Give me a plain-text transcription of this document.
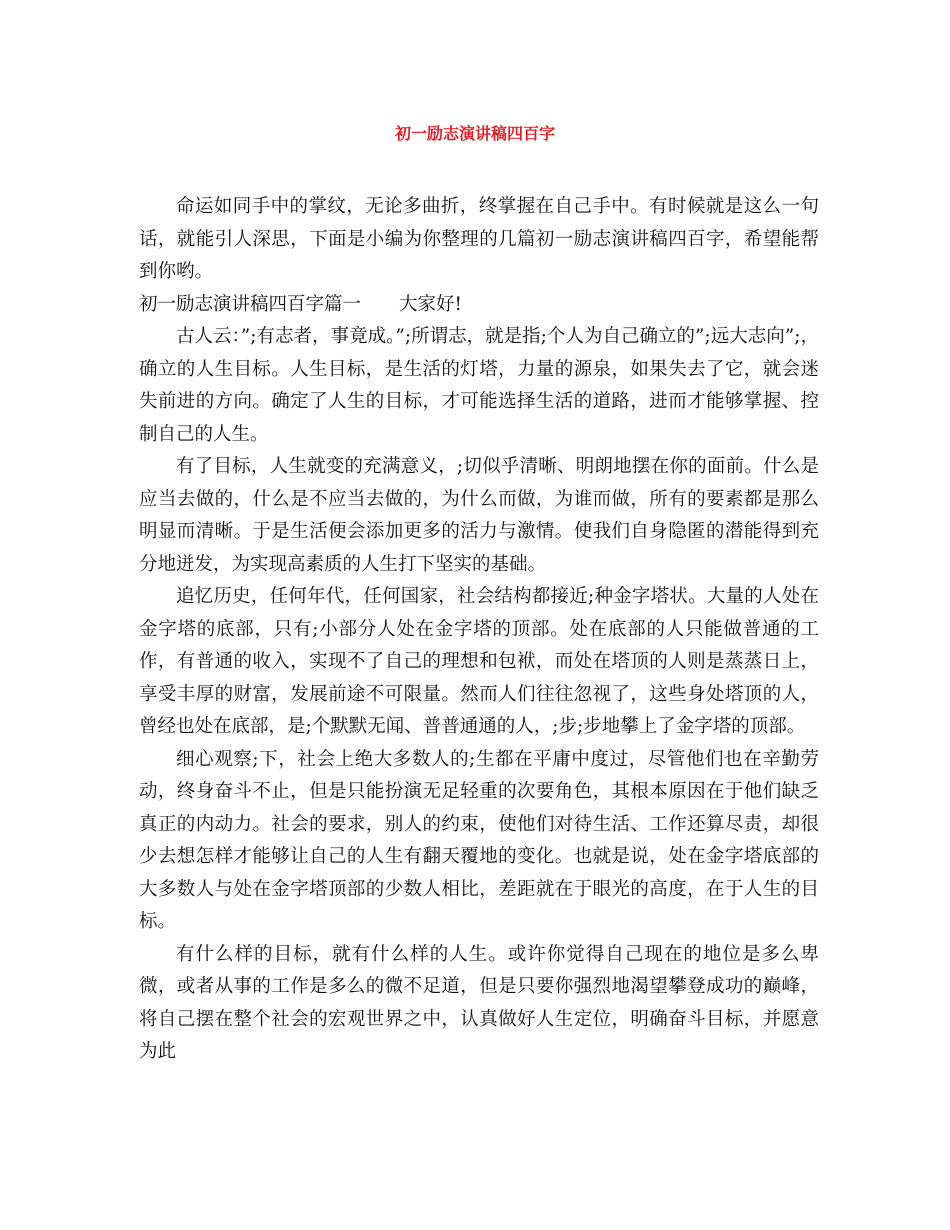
初一励志演讲稿四百字

命运如同手中的掌纹，无论多曲折，终掌握在自己手中。有时候就是这么一句话，就能引人深思，下面是小编为你整理的几篇初一励志演讲稿四百字，希望能帮到你哟。

初一励志演讲稿四百字篇一 大家好!

古人云：”;有志者，事竟成。”;所谓志，就是指;个人为自己确立的”;远大志向”;，确立的人生目标。人生目标，是生活的灯塔，力量的源泉，如果失去了它，就会迷失前进的方向。确定了人生的目标，才可能选择生活的道路，进而才能够掌握、控制自己的人生。

有了目标，人生就变的充满意义，;切似乎清晰、明朗地摆在你的面前。什么是应当去做的，什么是不应当去做的，为什么而做，为谁而做，所有的要素都是那么明显而清晰。于是生活便会添加更多的活力与激情。使我们自身隐匿的潜能得到充分地迸发，为实现高素质的人生打下坚实的基础。

追忆历史，任何年代，任何国家，社会结构都接近;种金字塔状。大量的人处在金字塔的底部，只有;小部分人处在金字塔的顶部。处在底部的人只能做普通的工作，有普通的收入，实现不了自己的理想和包袱，而处在塔顶的人则是蒸蒸日上，享受丰厚的财富，发展前途不可限量。然而人们往往忽视了，这些身处塔顶的人，曾经也处在底部，是;个默默无闻、普普通通的人，;步;步地攀上了金字塔的顶部。

细心观察;下，社会上绝大多数人的;生都在平庸中度过，尽管他们也在辛勤劳动，终身奋斗不止，但是只能扮演无足轻重的次要角色，其根本原因在于他们缺乏真正的内动力。社会的要求，别人的约束，使他们对待生活、工作还算尽责，却很少去想怎样才能够让自己的人生有翻天覆地的变化。也就是说，处在金字塔底部的大多数人与处在金字塔顶部的少数人相比，差距就在于眼光的高度，在于人生的目标。

有什么样的目标，就有什么样的人生。或许你觉得自己现在的地位是多么卑微，或者从事的工作是多么的微不足道，但是只要你强烈地渴望攀登成功的巅峰，将自己摆在整个社会的宏观世界之中，认真做好人生定位，明确奋斗目标，并愿意为此
